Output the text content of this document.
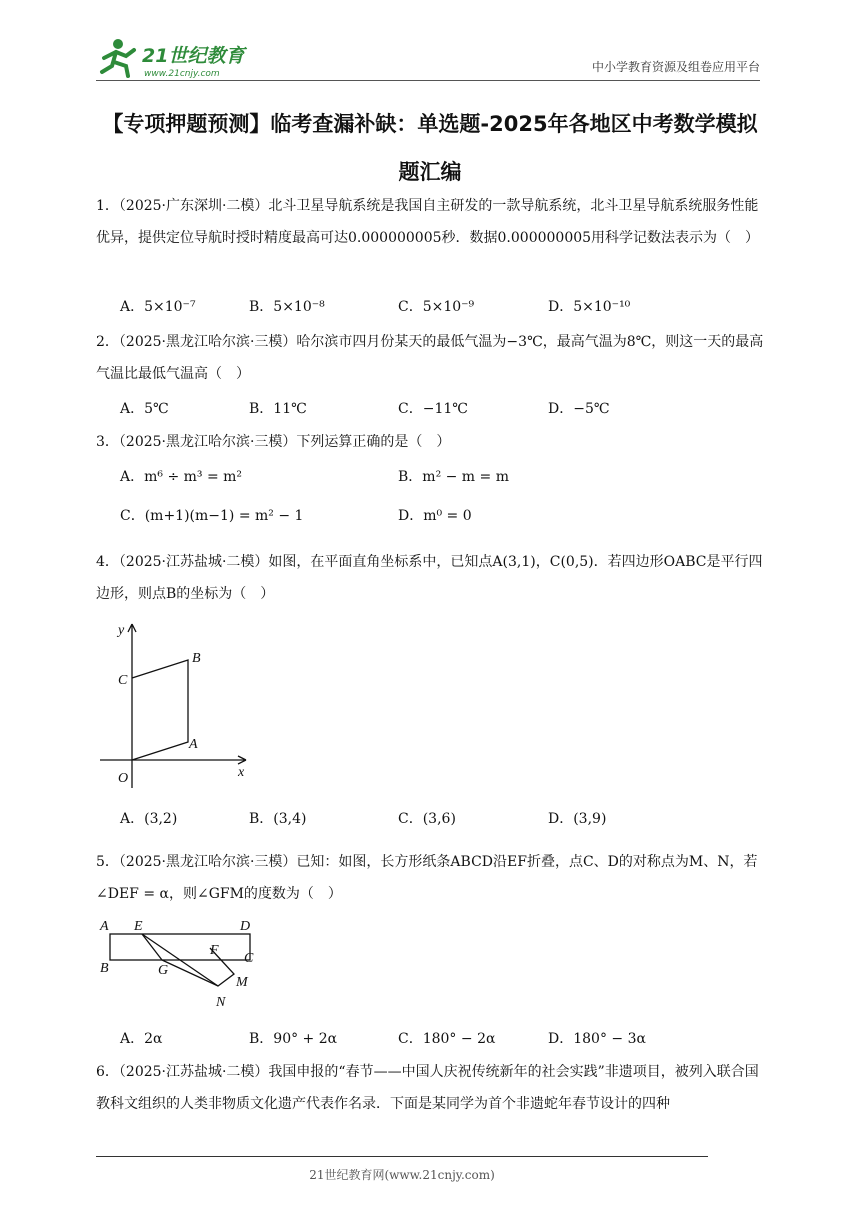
21世纪教育
www.21cnjy.com	中小学教育资源及组卷应用平台
【专项押题预测】临考查漏补缺：单选题-2025年各地区中考数学模拟题汇编
1．（2025·广东深圳·二模）北斗卫星导航系统是我国自主研发的一款导航系统，北斗卫星导航系统服务性能优异，提供定位导航时授时精度最高可达0.000000005秒．数据0.000000005用科学记数法表示为（　）
A．5×10⁻⁷	B．5×10⁻⁸	C．5×10⁻⁹	D．5×10⁻¹⁰
2．（2025·黑龙江哈尔滨·三模）哈尔滨市四月份某天的最低气温为−3℃，最高气温为8℃，则这一天的最高气温比最低气温高（　）
A．5℃	B．11℃	C．−11℃	D．−5℃
3．（2025·黑龙江哈尔滨·三模）下列运算正确的是（　）
A．m⁶ ÷ m³ = m²	B．m² − m = m
C．(m+1)(m−1) = m² − 1	D．m⁰ = 0
4．（2025·江苏盐城·二模）如图，在平面直角坐标系中，已知点A(3,1)，C(0,5)．若四边形OABC是平行四边形，则点B的坐标为（　）
y
B
C
A
O	x
A．(3,2)	B．(3,4)	C．(3,6)	D．(3,9)
5．（2025·黑龙江哈尔滨·三模）已知：如图，长方形纸条ABCD沿EF折叠，点C、D的对称点为M、N，若∠DEF = α，则∠GFM的度数为（　）
A E	D
F
C
B	G
M
N
A．2α	B．90° + 2α	C．180° − 2α	D．180° − 3α
6．（2025·江苏盐城·二模）我国申报的“春节——中国人庆祝传统新年的社会实践”非遗项目，被列入联合国教科文组织的人类非物质文化遗产代表作名录．下面是某同学为首个非遗蛇年春节设计的四种
21世纪教育网(www.21cnjy.com)
